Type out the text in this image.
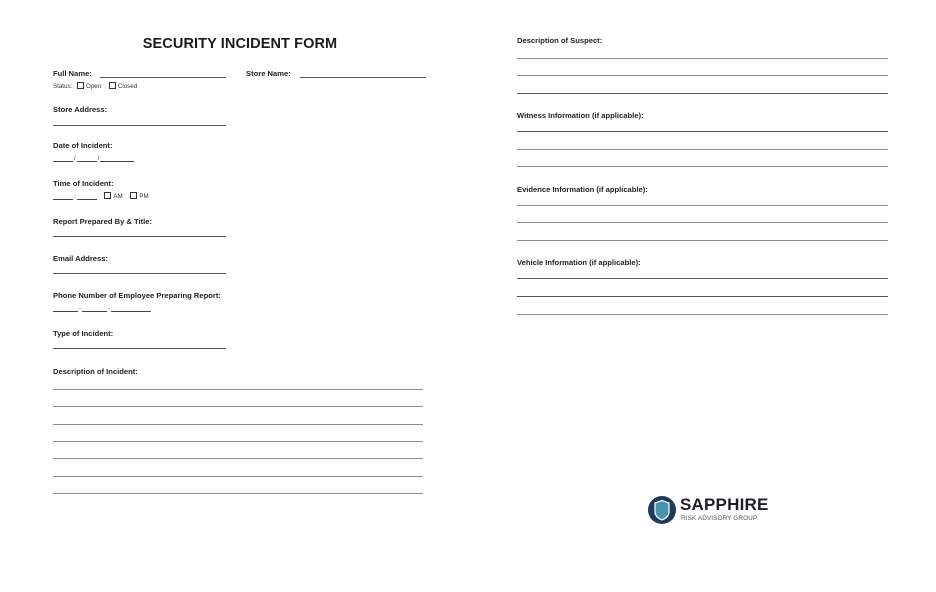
SECURITY INCIDENT FORM
Full Name:	Store Name:
Status: Open	Closed
Store Address:
Date of Incident:
/	/
Time of Incident:
:	AM	PM
Report Prepared By & Title:
Email Address:
Phone Number of Employee Preparing Report:
-	-
Type of Incident:
Description of Incident:
Description of Suspect:
Witness Information (if applicable):
Evidence Information (if applicable):
Vehicle Information (if applicable):
SAPPHIRE
RISK ADVISORY GROUP
